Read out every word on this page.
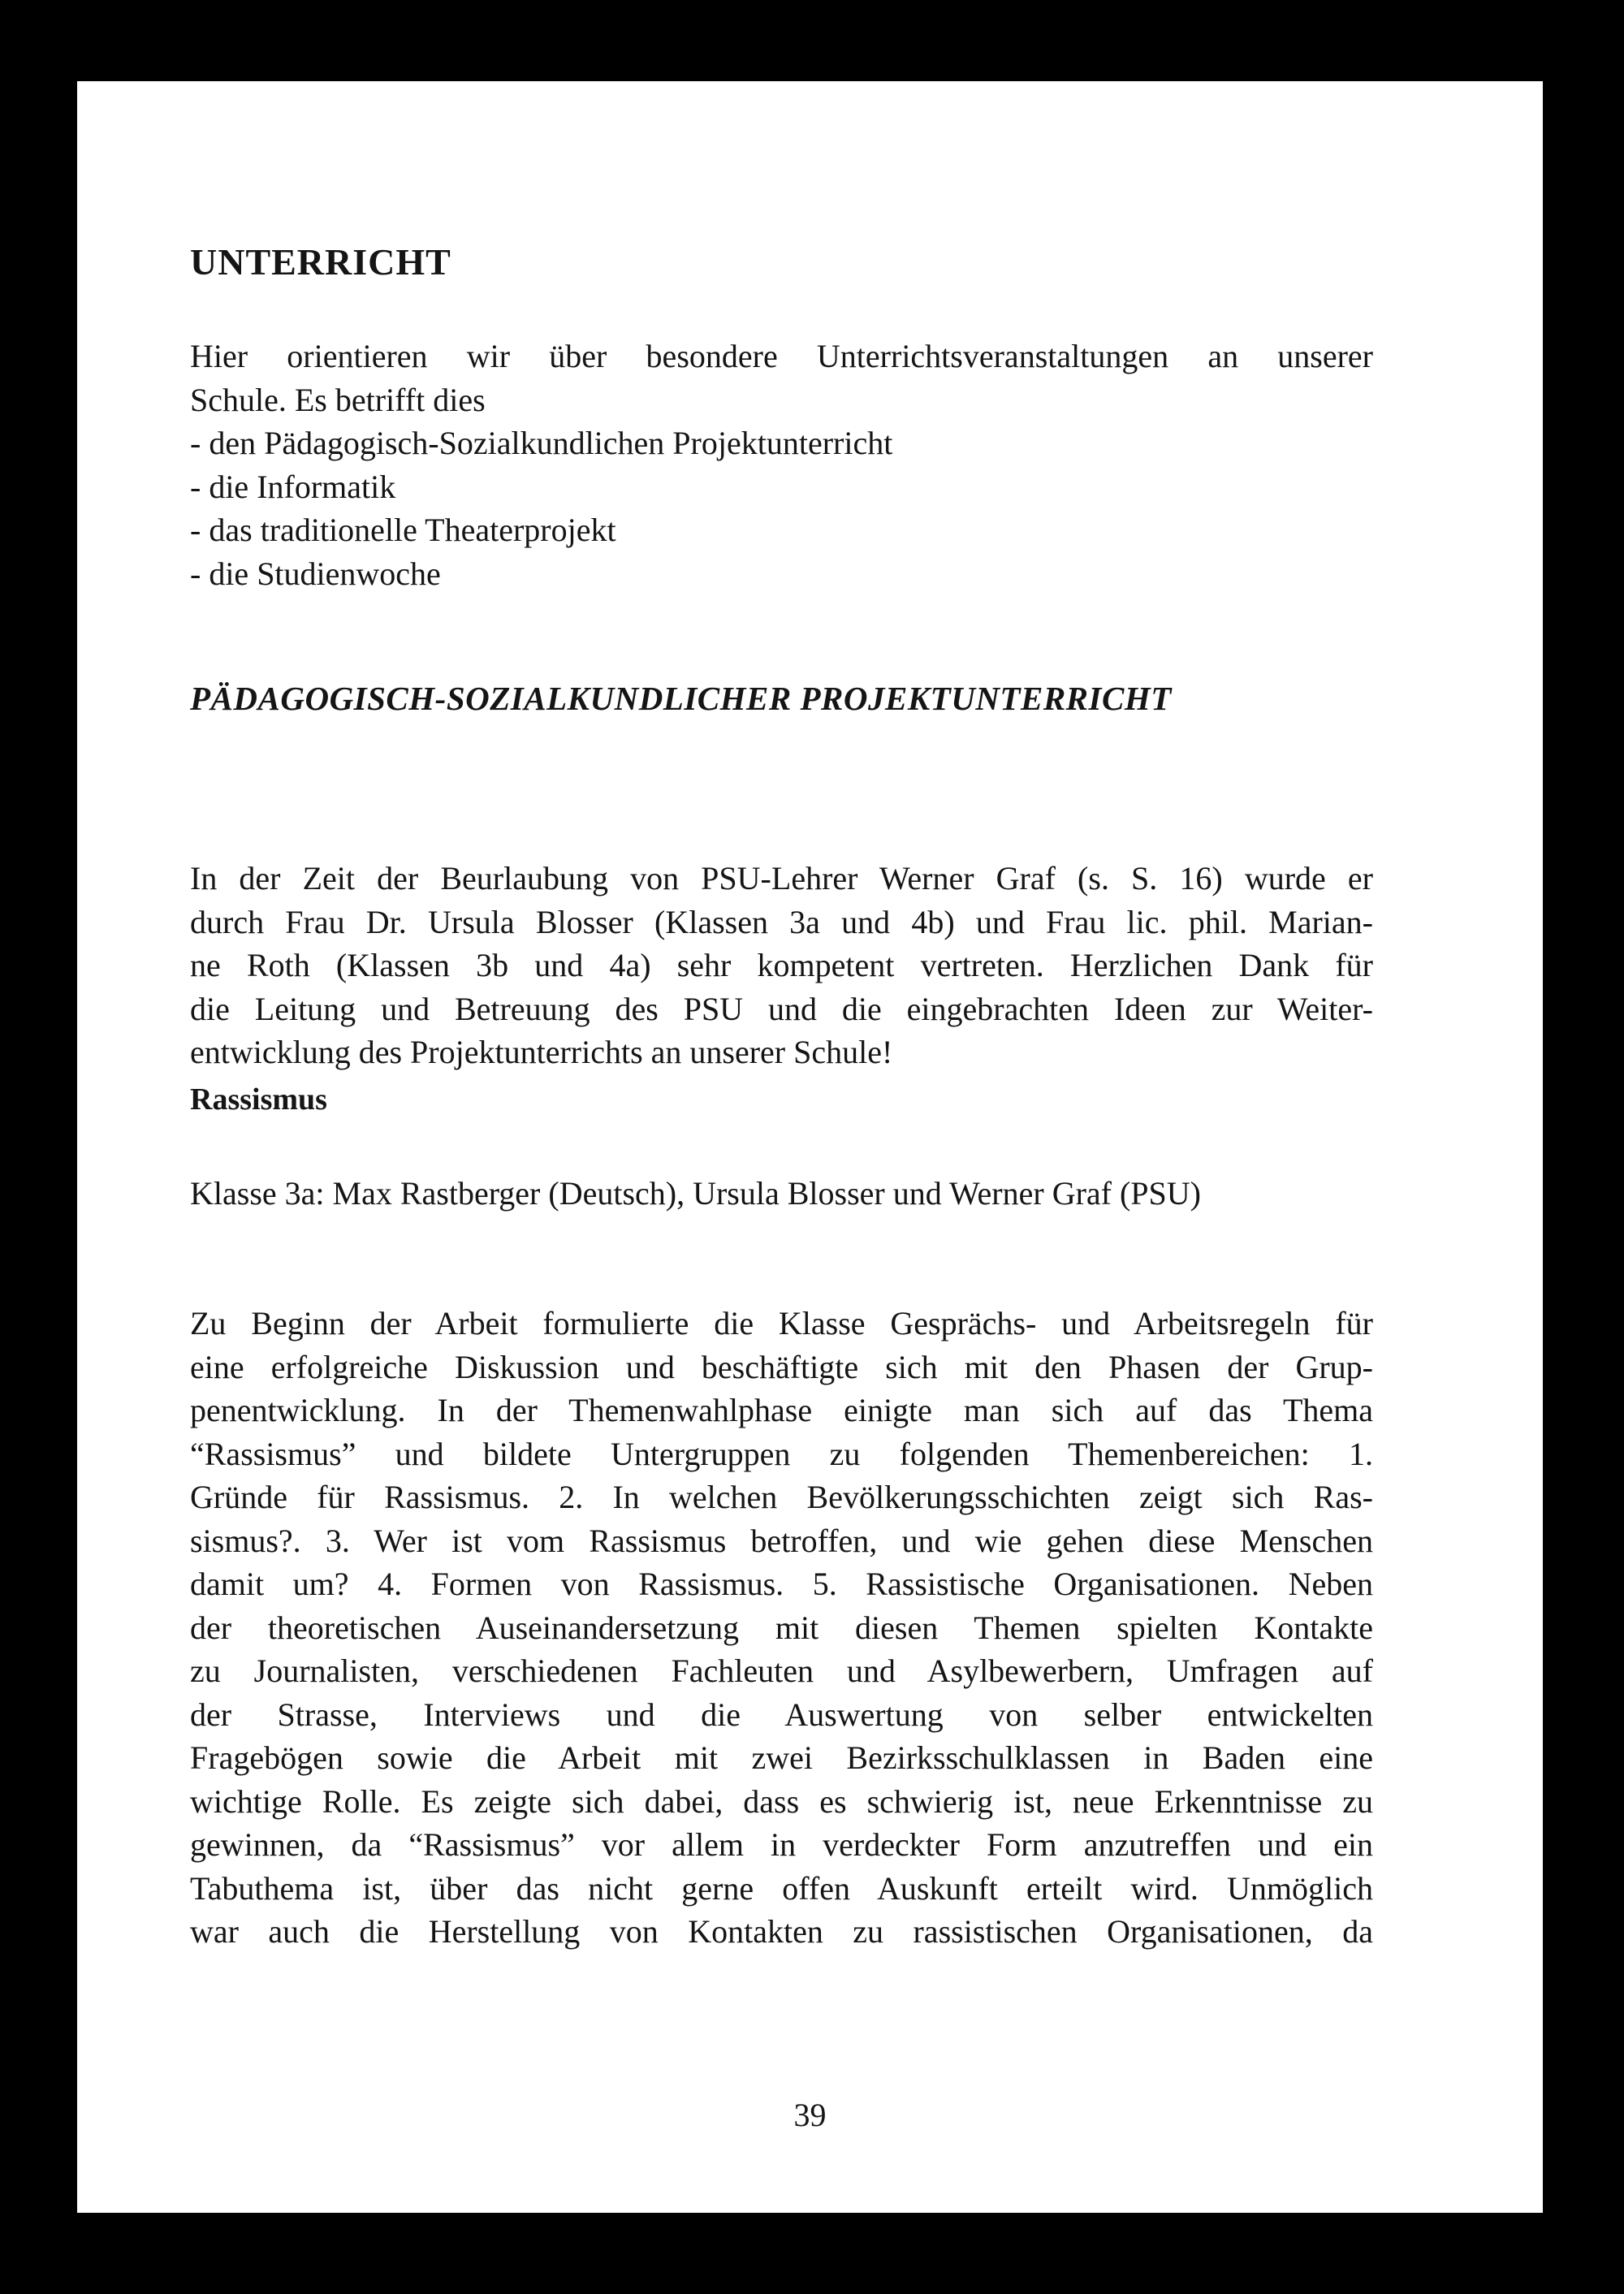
UNTERRICHT

Hier orientieren wir über besondere Unterrichtsveranstaltungen an unserer
Schule. Es betrifft dies
- den Pädagogisch-Sozialkundlichen Projektunterricht
- die Informatik
- das traditionelle Theaterprojekt
- die Studienwoche

PÄDAGOGISCH-SOZIALKUNDLICHER PROJEKTUNTERRICHT

In der Zeit der Beurlaubung von PSU-Lehrer Werner Graf (s. S. 16) wurde er
durch Frau Dr. Ursula Blosser (Klassen 3a und 4b) und Frau lic. phil. Marian-
ne Roth (Klassen 3b und 4a) sehr kompetent vertreten. Herzlichen Dank für
die Leitung und Betreuung des PSU und die eingebrachten Ideen zur Weiter-
entwicklung des Projektunterrichts an unserer Schule!

Rassismus

Klasse 3a: Max Rastberger (Deutsch), Ursula Blosser und Werner Graf (PSU)

Zu Beginn der Arbeit formulierte die Klasse Gesprächs- und Arbeitsregeln für
eine erfolgreiche Diskussion und beschäftigte sich mit den Phasen der Grup-
penentwicklung. In der Themenwahlphase einigte man sich auf das Thema
“Rassismus” und bildete Untergruppen zu folgenden Themenbereichen: 1.
Gründe für Rassismus. 2. In welchen Bevölkerungsschichten zeigt sich Ras-
sismus?. 3. Wer ist vom Rassismus betroffen, und wie gehen diese Menschen
damit um? 4. Formen von Rassismus. 5. Rassistische Organisationen. Neben
der theoretischen Auseinandersetzung mit diesen Themen spielten Kontakte
zu Journalisten, verschiedenen Fachleuten und Asylbewerbern, Umfragen auf
der Strasse, Interviews und die Auswertung von selber entwickelten
Fragebögen sowie die Arbeit mit zwei Bezirksschulklassen in Baden eine
wichtige Rolle. Es zeigte sich dabei, dass es schwierig ist, neue Erkenntnisse zu
gewinnen, da “Rassismus” vor allem in verdeckter Form anzutreffen und ein
Tabuthema ist, über das nicht gerne offen Auskunft erteilt wird. Unmöglich
war auch die Herstellung von Kontakten zu rassistischen Organisationen, da

39
